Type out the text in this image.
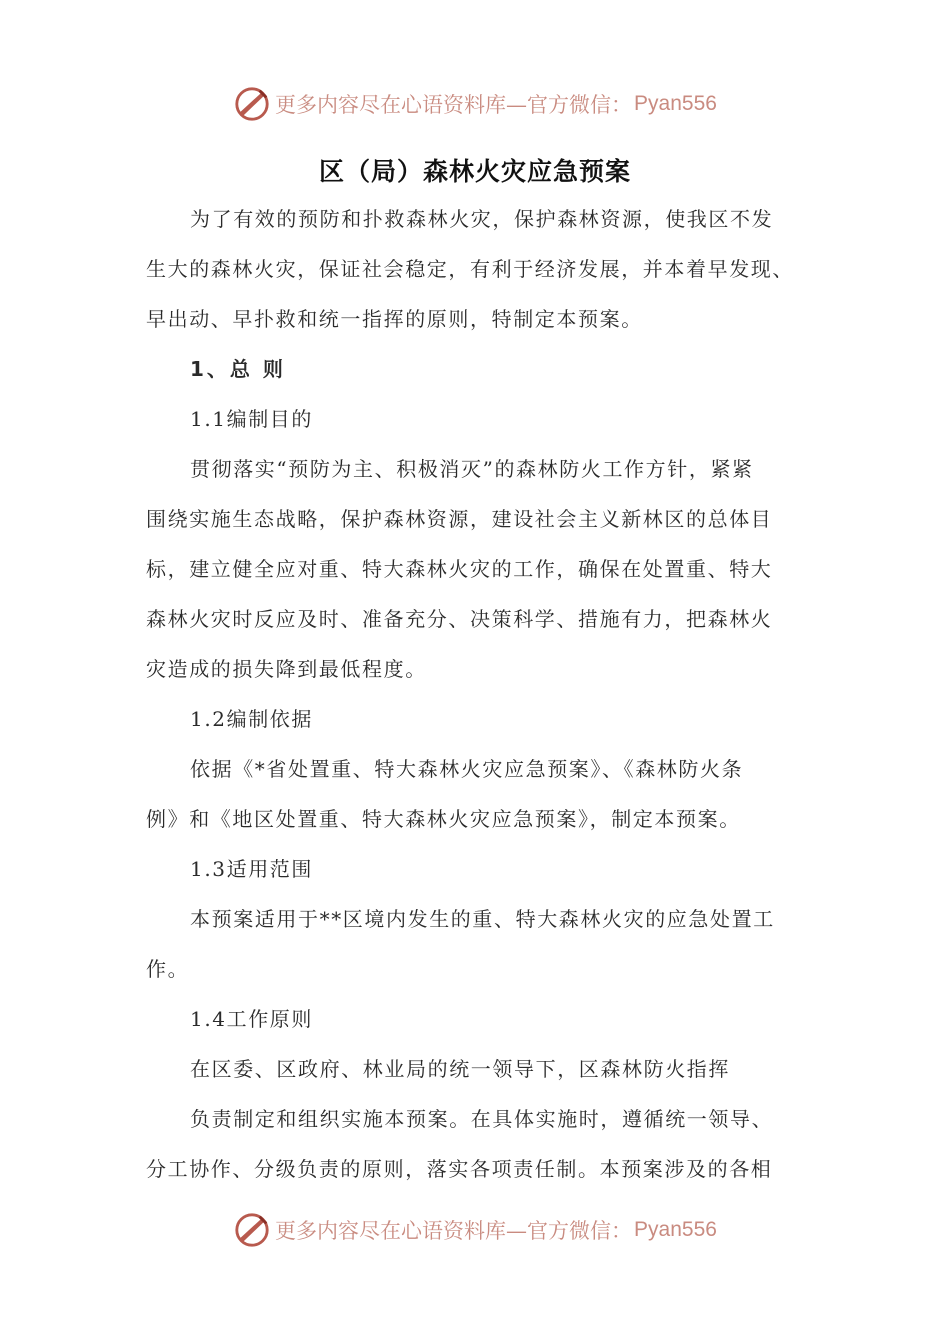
更多内容尽在心语资料库—官方微信： Pyan556
区（局）森林火灾应急预案
为了有效的预防和扑救森林火灾，保护森林资源，使我区不发
生大的森林火灾，保证社会稳定，有利于经济发展，并本着早发现、
早出动、早扑救和统一指挥的原则，特制定本预案。
1、总 则
1.1编制目的
贯彻落实“预防为主、积极消灭”的森林防火工作方针，紧紧
围绕实施生态战略，保护森林资源，建设社会主义新林区的总体目
标，建立健全应对重、特大森林火灾的工作，确保在处置重、特大
森林火灾时反应及时、准备充分、决策科学、措施有力，把森林火
灾造成的损失降到最低程度。
1.2编制依据
依据《*省处置重、特大森林火灾应急预案》、《森林防火条
例》和《地区处置重、特大森林火灾应急预案》，制定本预案。
1.3适用范围
本预案适用于**区境内发生的重、特大森林火灾的应急处置工
作。
1.4工作原则
在区委、区政府、林业局的统一领导下，区森林防火指挥
负责制定和组织实施本预案。在具体实施时，遵循统一领导、
分工协作、分级负责的原则，落实各项责任制。本预案涉及的各相
更多内容尽在心语资料库—官方微信： Pyan556
